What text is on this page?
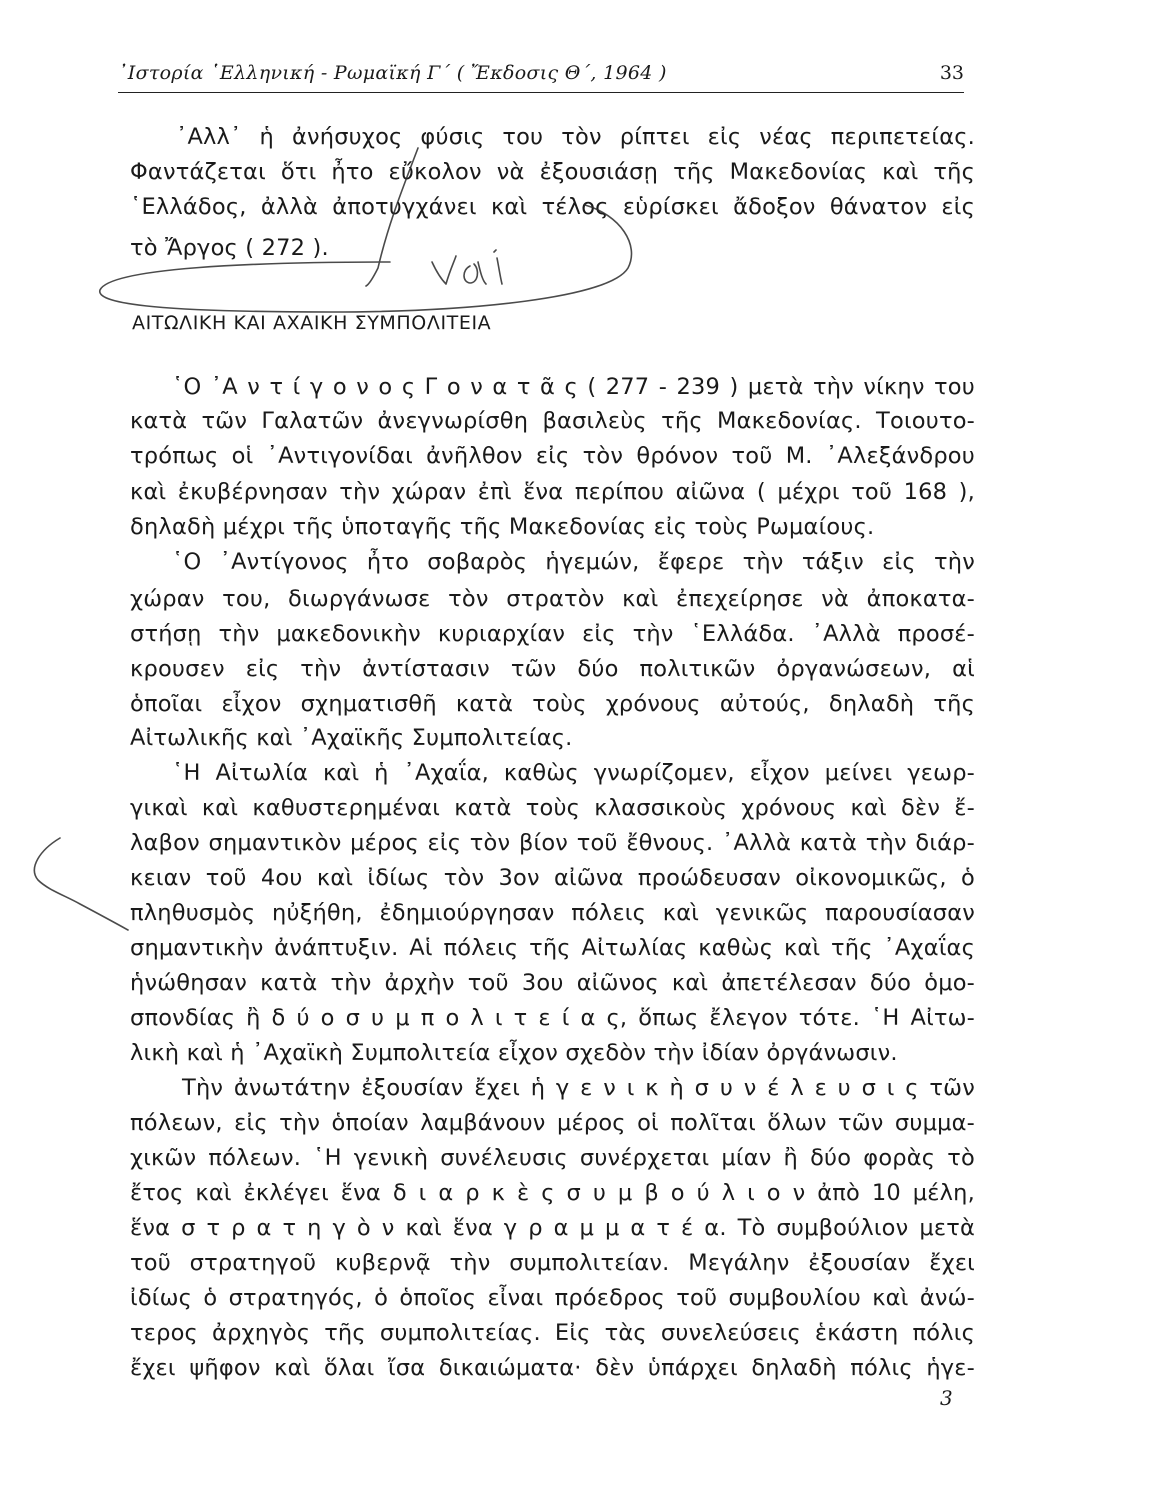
᾿Ιστορία ῾Ελληνική - Ρωμαϊκή Γ΄ ( Ἔκδοσις Θ΄, 1964 )	33
᾿Αλλ᾿ ἡ ἀνήσυχος φύσις του τὸν ρίπτει εἰς νέας περιπετείας.
Φαντάζεται ὅτι ἦτο εὔκολον νὰ ἐξουσιάσῃ τῆς Μακεδονίας καὶ τῆς
῾Ελλάδος, ἀλλὰ ἀποτυγχάνει καὶ τέλος εὑρίσκει ἄδοξον θάνατον εἰς
τὸ Ἄργος ( 272 ).
ΑΙΤΩΛΙΚΗ ΚΑΙ ΑΧΑΙΚΗ ΣΥΜΠΟΛΙΤΕΙΑ
῾Ο ᾿Α ν τ ί γ ο ν ο ς Γ ο ν α τ ᾶ ς ( 277 - 239 ) μετὰ τὴν νίκην του
κατὰ τῶν Γαλατῶν ἀνεγνωρίσθη βασιλεὺς τῆς Μακεδονίας. Τοιουτο-
τρόπως οἱ ᾿Αντιγονίδαι ἀνῆλθον εἰς τὸν θρόνον τοῦ Μ. ᾿Αλεξάνδρου
καὶ ἐκυβέρνησαν τὴν χώραν ἐπὶ ἕνα περίπου αἰῶνα ( μέχρι τοῦ 168 ),
δηλαδὴ μέχρι τῆς ὑποταγῆς τῆς Μακεδονίας εἰς τοὺς Ρωμαίους.
῾Ο ᾿Αντίγονος ἦτο σοβαρὸς ἡγεμών, ἔφερε τὴν τάξιν εἰς τὴν
χώραν του, διωργάνωσε τὸν στρατὸν καὶ ἐπεχείρησε νὰ ἀποκατα-
στήσῃ τὴν μακεδονικὴν κυριαρχίαν εἰς τὴν ῾Ελλάδα. ᾿Αλλὰ προσέ-
κρουσεν εἰς τὴν ἀντίστασιν τῶν δύο πολιτικῶν ὀργανώσεων, αἱ
ὁποῖαι εἶχον σχηματισθῆ κατὰ τοὺς χρόνους αὐτούς, δηλαδὴ τῆς
Αἰτωλικῆς καὶ ᾿Αχαϊκῆς Συμπολιτείας.
῾Η Αἰτωλία καὶ ἡ ᾿Αχαΐα, καθὼς γνωρίζομεν, εἶχον μείνει γεωρ-
γικαὶ καὶ καθυστερημέναι κατὰ τοὺς κλασσικοὺς χρόνους καὶ δὲν ἔ-
λαβον σημαντικὸν μέρος εἰς τὸν βίον τοῦ ἔθνους. ᾿Αλλὰ κατὰ τὴν διάρ-
κειαν τοῦ 4ου καὶ ἰδίως τὸν 3ον αἰῶνα προώδευσαν οἰκονομικῶς, ὁ
πληθυσμὸς ηὐξήθη, ἐδημιούργησαν πόλεις καὶ γενικῶς παρουσίασαν
σημαντικὴν ἀνάπτυξιν. Αἱ πόλεις τῆς Αἰτωλίας καθὼς καὶ τῆς ᾿Αχαΐας
ἡνώθησαν κατὰ τὴν ἀρχὴν τοῦ 3ου αἰῶνος καὶ ἀπετέλεσαν δύο ὁμο-
σπονδίας ἢ δ ύ ο σ υ μ π ο λ ι τ ε ί α ς, ὅπως ἔλεγον τότε. ῾Η Αἰτω-
λικὴ καὶ ἡ ᾿Αχαϊκὴ Συμπολιτεία εἶχον σχεδὸν τὴν ἰδίαν ὀργάνωσιν.
Τὴν ἀνωτάτην ἐξουσίαν ἔχει ἡ γ ε ν ι κ ὴ σ υ ν έ λ ε υ σ ι ς τῶν
πόλεων, εἰς τὴν ὁποίαν λαμβάνουν μέρος οἱ πολῖται ὅλων τῶν συμμα-
χικῶν πόλεων. ῾Η γενικὴ συνέλευσις συνέρχεται μίαν ἢ δύο φορὰς τὸ
ἔτος καὶ ἐκλέγει ἕνα δ ι α ρ κ ὲ ς σ υ μ β ο ύ λ ι ο ν ἀπὸ 10 μέλη,
ἕνα σ τ ρ α τ η γ ὸ ν καὶ ἕνα γ ρ α μ μ α τ έ α. Τὸ συμβούλιον μετὰ
τοῦ στρατηγοῦ κυβερνᾷ τὴν συμπολιτείαν. Μεγάλην ἐξουσίαν ἔχει
ἰδίως ὁ στρατηγός, ὁ ὁποῖος εἶναι πρόεδρος τοῦ συμβουλίου καὶ ἀνώ-
τερος ἀρχηγὸς τῆς συμπολιτείας. Εἰς τὰς συνελεύσεις ἑκάστη πόλις
ἔχει ψῆφον καὶ ὅλαι ἴσα δικαιώματα· δὲν ὑπάρχει δηλαδὴ πόλις ἡγε-
3
